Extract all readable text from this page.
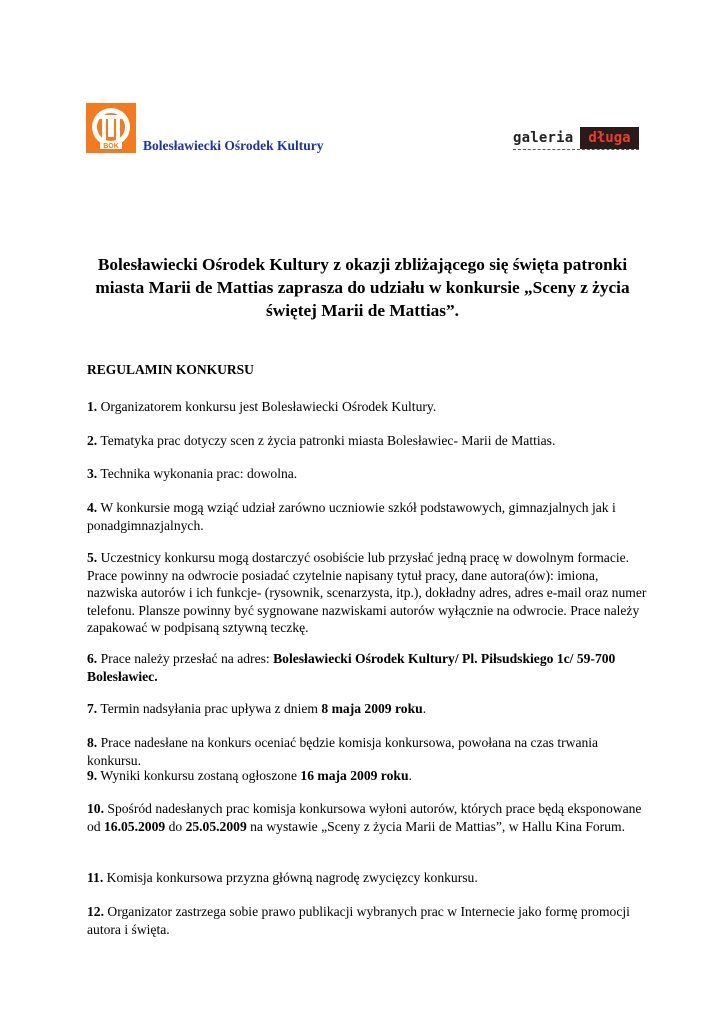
BOK Bolesławiecki Ośrodek Kultury	galeria	długa
Bolesławiecki Ośrodek Kultury z okazji zbliżającego się święta patronki miasta Marii de Mattias zaprasza do udziału w konkursie „Sceny z życia świętej Marii de Mattias”.
REGULAMIN KONKURSU
1. Organizatorem konkursu jest Bolesławiecki Ośrodek Kultury.
2. Tematyka prac dotyczy scen z życia patronki miasta Bolesławiec- Marii de Mattias.
3. Technika wykonania prac: dowolna.
4. W konkursie mogą wziąć udział zarówno uczniowie szkół podstawowych, gimnazjalnych jak i ponadgimnazjalnych.
5. Uczestnicy konkursu mogą dostarczyć osobiście lub przysłać jedną pracę w dowolnym formacie. Prace powinny na odwrocie posiadać czytelnie napisany tytuł pracy, dane autora(ów): imiona, nazwiska autorów i ich funkcje- (rysownik, scenarzysta, itp.), dokładny adres, adres e-mail oraz numer telefonu. Plansze powinny być sygnowane nazwiskami autorów wyłącznie na odwrocie. Prace należy zapakować w podpisaną sztywną teczkę.
6. Prace należy przesłać na adres: Bolesławiecki Ośrodek Kultury/ Pl. Piłsudskiego 1c/ 59-700 Bolesławiec.
7. Termin nadsyłania prac upływa z dniem 8 maja 2009 roku.
8. Prace nadesłane na konkurs oceniać będzie komisja konkursowa, powołana na czas trwania konkursu.
9. Wyniki konkursu zostaną ogłoszone 16 maja 2009 roku.
10. Spośród nadesłanych prac komisja konkursowa wyłoni autorów, których prace będą eksponowane od 16.05.2009 do 25.05.2009 na wystawie „Sceny z życia Marii de Mattias”, w Hallu Kina Forum.
11. Komisja konkursowa przyzna główną nagrodę zwycięzcy konkursu.
12. Organizator zastrzega sobie prawo publikacji wybranych prac w Internecie jako formę promocji autora i święta.
